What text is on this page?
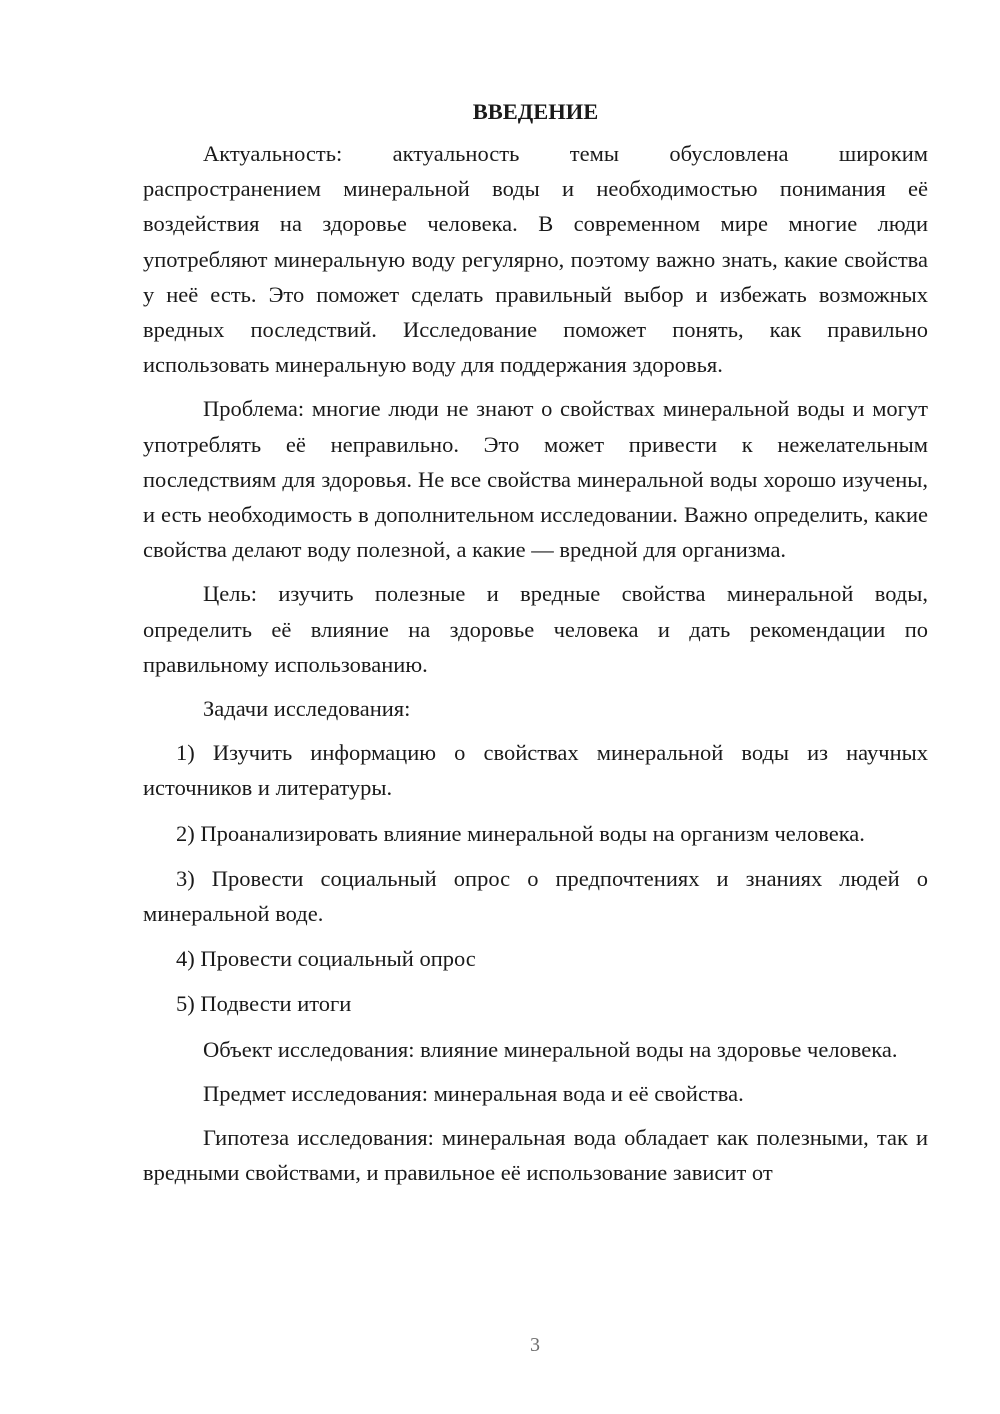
ВВЕДЕНИЕ
Актуальность: актуальность темы обусловлена широким распространением минеральной воды и необходимостью понимания её воздействия на здоровье человека. В современном мире многие люди употребляют минеральную воду регулярно, поэтому важно знать, какие свойства у неё есть. Это поможет сделать правильный выбор и избежать возможных вредных последствий. Исследование поможет понять, как правильно использовать минеральную воду для поддержания здоровья.
Проблема: многие люди не знают о свойствах минеральной воды и могут употреблять её неправильно. Это может привести к нежелательным последствиям для здоровья. Не все свойства минеральной воды хорошо изучены, и есть необходимость в дополнительном исследовании. Важно определить, какие свойства делают воду полезной, а какие — вредной для организма.
Цель: изучить полезные и вредные свойства минеральной воды, определить её влияние на здоровье человека и дать рекомендации по правильному использованию.
Задачи исследования:
1) Изучить информацию о свойствах минеральной воды из научных источников и литературы.
2) Проанализировать влияние минеральной воды на организм человека.
3) Провести социальный опрос о предпочтениях и знаниях людей о минеральной воде.
4) Провести социальный опрос
5) Подвести итоги
Объект исследования: влияние минеральной воды на здоровье человека.
Предмет исследования: минеральная вода и её свойства.
Гипотеза исследования: минеральная вода обладает как полезными, так и вредными свойствами, и правильное её использование зависит от
3
